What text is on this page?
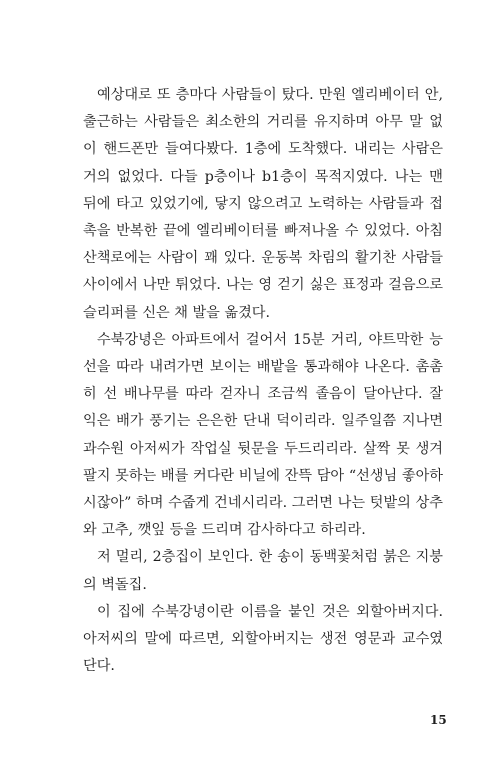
예상대로 또 층마다 사람들이 탔다. 만원 엘리베이터 안, 출근하는 사람들은 최소한의 거리를 유지하며 아무 말 없이 핸드폰만 들여다봤다. 1층에 도착했다. 내리는 사람은 거의 없었다. 다들 p층이나 b1층이 목적지였다. 나는 맨 뒤에 타고 있었기에, 닿지 않으려고 노력하는 사람들과 접촉을 반복한 끝에 엘리베이터를 빠져나올 수 있었다. 아침 산책로에는 사람이 꽤 있다. 운동복 차림의 활기찬 사람들 사이에서 나만 튀었다. 나는 영 걷기 싫은 표정과 걸음으로 슬리퍼를 신은 채 발을 옮겼다.

수북강녕은 아파트에서 걸어서 15분 거리, 야트막한 능선을 따라 내려가면 보이는 배밭을 통과해야 나온다. 촘촘히 선 배나무를 따라 걷자니 조금씩 졸음이 달아난다. 잘 익은 배가 풍기는 은은한 단내 덕이리라. 일주일쯤 지나면 과수원 아저씨가 작업실 뒷문을 두드리리라. 살짝 못 생겨 팔지 못하는 배를 커다란 비닐에 잔뜩 담아 “선생님 좋아하시잖아” 하며 수줍게 건네시리라. 그러면 나는 텃밭의 상추와 고추, 깻잎 등을 드리며 감사하다고 하리라.

저 멀리, 2층집이 보인다. 한 송이 동백꽃처럼 붉은 지붕의 벽돌집.

이 집에 수북강녕이란 이름을 붙인 것은 외할아버지다. 아저씨의 말에 따르면, 외할아버지는 생전 영문과 교수였단다.

15
